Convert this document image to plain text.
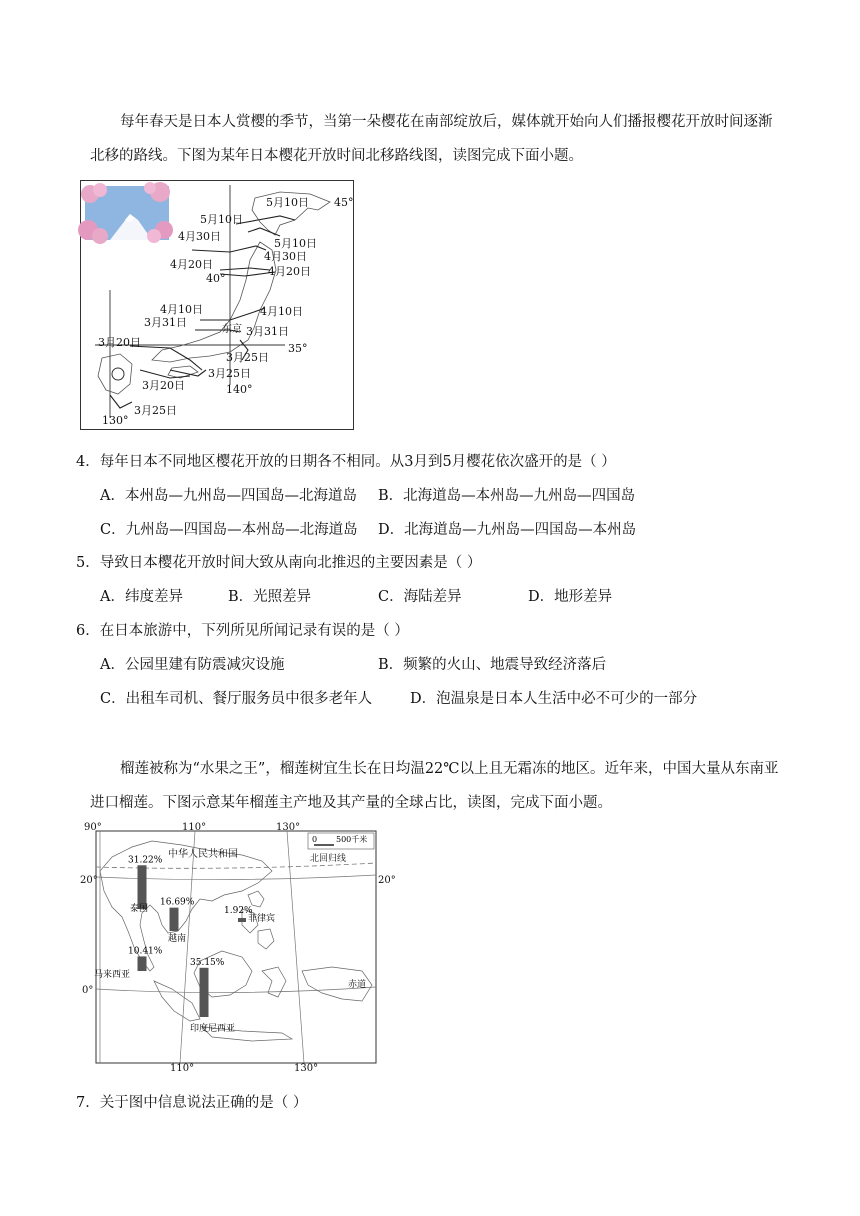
每年春天是日本人赏樱的季节，当第一朵樱花在南部绽放后，媒体就开始向人们播报樱花开放时间逐渐北移的路线。下图为某年日本樱花开放时间北移路线图，读图完成下面小题。

45°
40°
35°
130°
140°
5月10日
5月10日
5月10日
4月30日
4月30日
4月20日
4月20日
4月10日	4月10日
3月31日
3月31日
东京
3月20日
3月25日
3月25日
3月20日
3月25日

4．每年日本不同地区樱花开放的日期各不相同。从3月到5月樱花依次盛开的是（ ）

A．本州岛—九州岛—四国岛—北海道岛 B．北海道岛—本州岛—九州岛—四国岛

C．九州岛—四国岛—本州岛—北海道岛 D．北海道岛—九州岛—四国岛—本州岛

5．导致日本樱花开放时间大致从南向北推迟的主要因素是（ ）

A．纬度差异	B．光照差异	C．海陆差异	D．地形差异

6．在日本旅游中，下列所见所闻记录有误的是（ ）

A．公园里建有防震减灾设施	B．频繁的火山、地震导致经济落后

C．出租车司机、餐厅服务员中很多老年人	D．泡温泉是日本人生活中必不可少的一部分

榴莲被称为“水果之王”，榴莲树宜生长在日均温22℃以上且无霜冻的地区。近年来，中国大量从东南亚进口榴莲。下图示意某年榴莲主产地及其产量的全球占比，读图，完成下面小题。

0 500千米
31.22%
泰国
16.69%
越南
1.92%
菲律宾
10.41%
马来西亚
35.15%
印度尼西亚
90°	110°	130°
110°	130°
20°	20°
0°
北回归线
赤道
中华人民共和国

7．关于图中信息说法正确的是（ ）
